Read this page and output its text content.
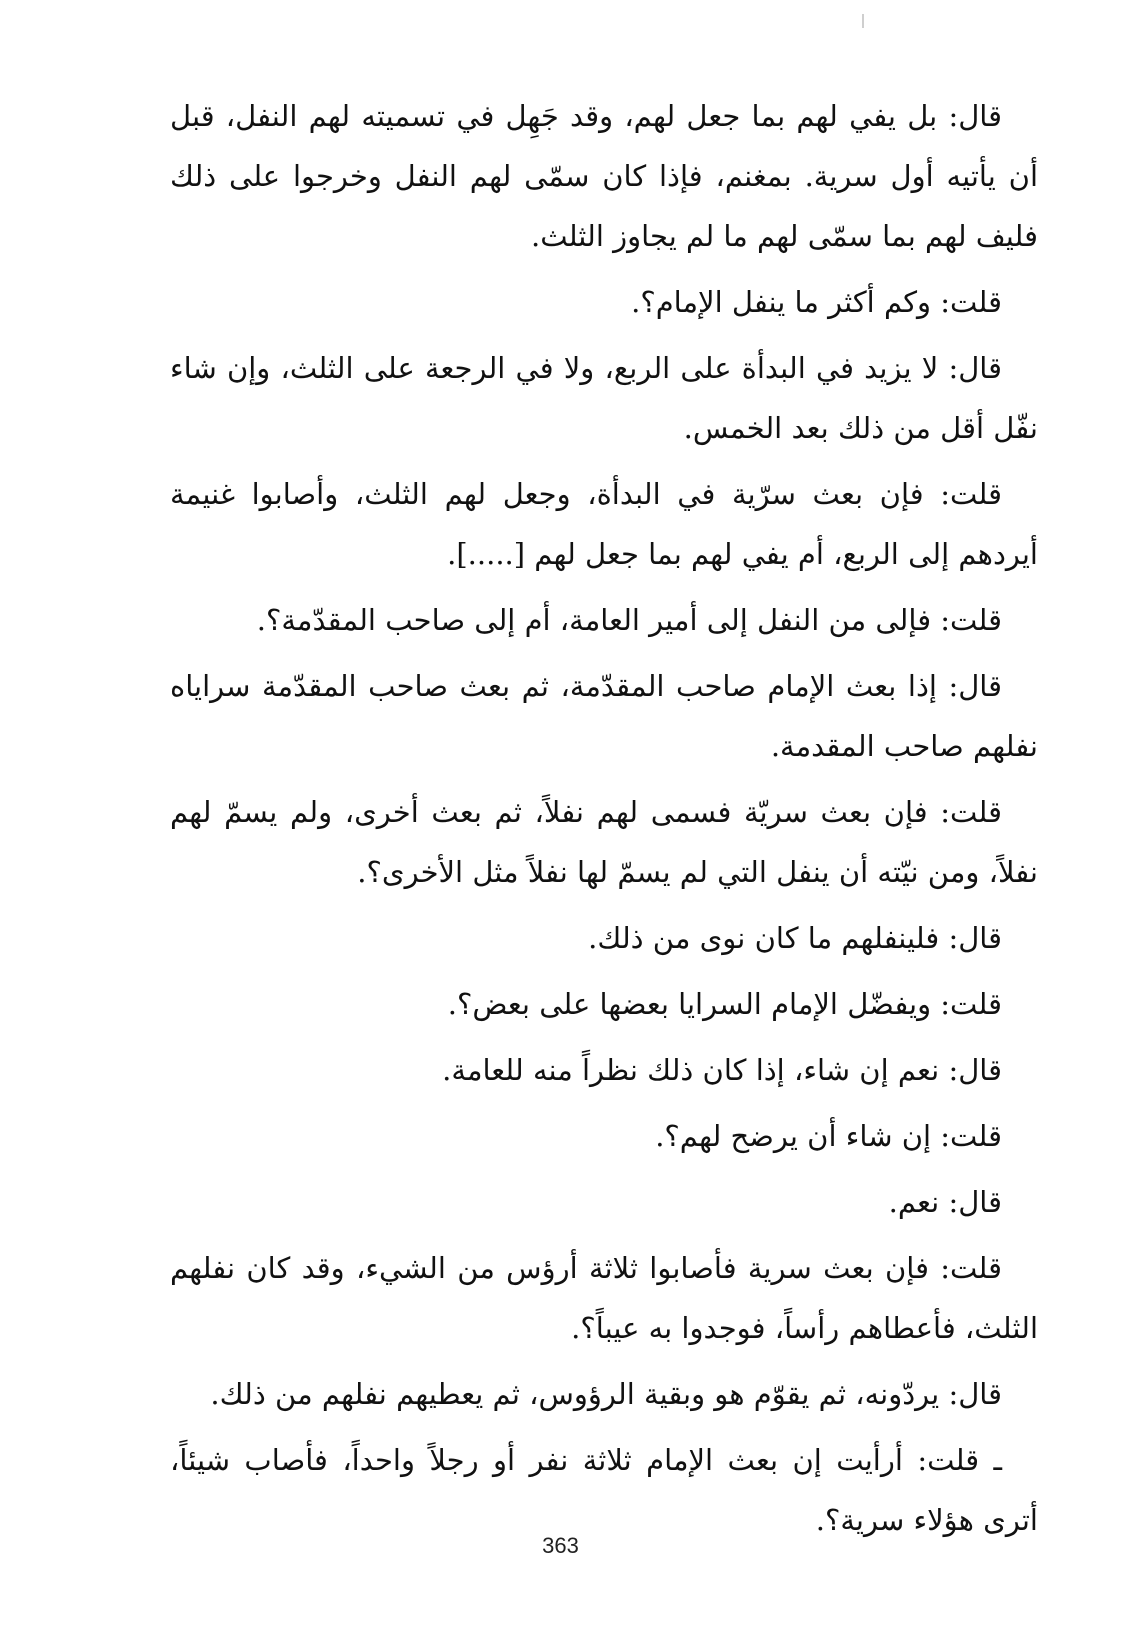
قال: بل يفي لهم بما جعل لهم، وقد جَهِل في تسميته لهم النفل، قبل أن يأتيه أول سرية. بمغنم، فإذا كان سمّى لهم النفل وخرجوا على ذلك فليف لهم بما سمّى لهم ما لم يجاوز الثلث.

قلت: وكم أكثر ما ينفل الإمام؟.

قال: لا يزيد في البدأة على الربع، ولا في الرجعة على الثلث، وإن شاء نفّل أقل من ذلك بعد الخمس.

قلت: فإن بعث سرّية في البدأة، وجعل لهم الثلث، وأصابوا غنيمة أيردهم إلى الربع، أم يفي لهم بما جعل لهم [.....].

قلت: فإلى من النفل إلى أمير العامة، أم إلى صاحب المقدّمة؟.

قال: إذا بعث الإمام صاحب المقدّمة، ثم بعث صاحب المقدّمة سراياه نفلهم صاحب المقدمة.

قلت: فإن بعث سريّة فسمى لهم نفلاً، ثم بعث أخرى، ولم يسمّ لهم نفلاً، ومن نيّته أن ينفل التي لم يسمّ لها نفلاً مثل الأخرى؟.

قال: فلينفلهم ما كان نوى من ذلك.

قلت: ويفضّل الإمام السرايا بعضها على بعض؟.

قال: نعم إن شاء، إذا كان ذلك نظراً منه للعامة.

قلت: إن شاء أن يرضح لهم؟.

قال: نعم.

قلت: فإن بعث سرية فأصابوا ثلاثة أرؤس من الشيء، وقد كان نفلهم الثلث، فأعطاهم رأساً، فوجدوا به عيباً؟.

قال: يردّونه، ثم يقوّم هو وبقية الرؤوس، ثم يعطيهم نفلهم من ذلك.

ـ قلت: أرأيت إن بعث الإمام ثلاثة نفر أو رجلاً واحداً، فأصاب شيئاً، أترى هؤلاء سرية؟.

363
